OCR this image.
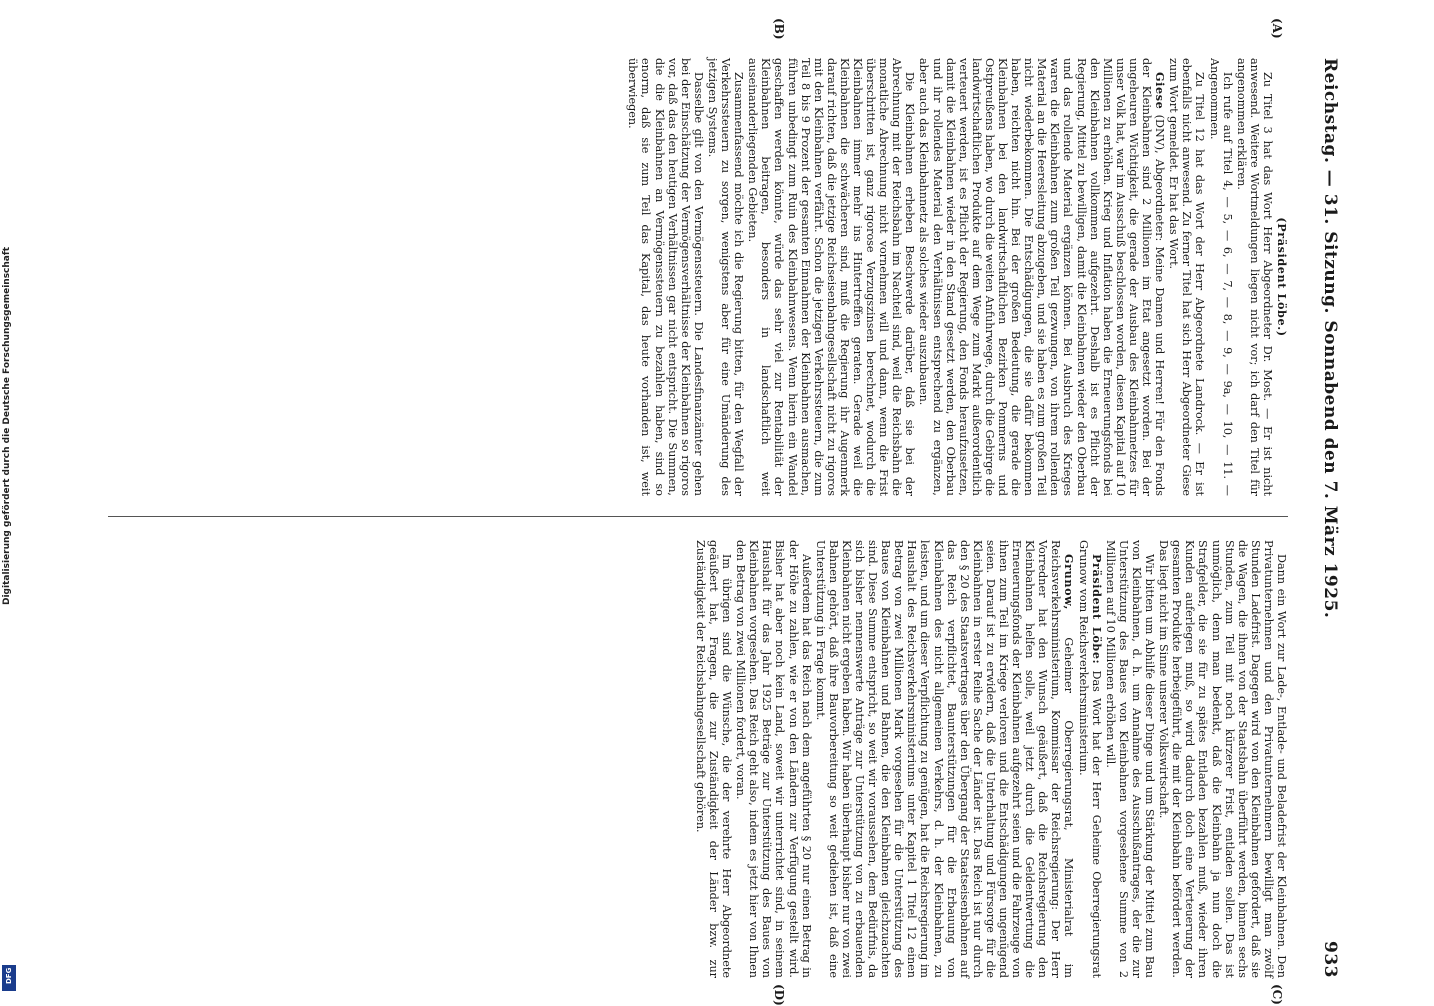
Reichstag. — 31. Sitzung. Sonnabend den 7. März 1925.
933
(A)
(B)
(C)
(D)

(Präsident Löbe.)

Zu Titel 3 hat das Wort Herr Abgeordneter Dr. Most. — Er ist nicht anwesend. Weitere Wortmeldungen liegen nicht vor; ich darf den Titel für angenommen erklären.

Ich rufe auf Titel 4, — 5, — 6, — 7, — 8, — 9, — 9a, — 10, — 11. — Angenommen.

Zu Titel 12 hat das Wort der Herr Abgeordnete Landrock. — Er ist ebenfalls nicht anwesend. Zu ferner Titel hat sich Herr Abgeordneter Giese zum Wort gemeldet. Er hat das Wort.

Giese (DNV), Abgeordneter: Meine Damen und Herren! Für den Fonds der Kleinbahnen sind 2 Millionen im Etat angesetzt worden. Bei der ungeheuren Wichtigkeit, die gerade der Ausbau des Kleinbahnnetzes für unser Volk hat, war im Ausschuß beschlossen worden, diesen Kapital auf 10 Millionen zu erhöhen. Krieg und Inflation haben die Erneuerungsfonds bei den Kleinbahnen vollkommen aufgezehrt. Deshalb ist es Pflicht der Regierung, Mittel zu bewilligen, damit die Kleinbahnen wieder den Oberbau und das rollende Material ergänzen können. Bei Ausbruch des Krieges waren die Kleinbahnen zum großen Teil gezwungen, von ihrem rollenden Material an die Heeresleitung abzugeben, und sie haben es zum großen Teil nicht wiederbekommen. Die Entschädigungen, die sie dafür bekommen haben, reichten nicht hin. Bei der großen Bedeutung, die gerade die Kleinbahnen bei den landwirtschaftlichen Bezirken Pommerns und Ostpreußens haben, wo durch die weiten Anfuhrwege, durch die Gebirge die landwirtschaftlichen Produkte auf dem Wege zum Markt außerordentlich verteuert werden, ist es Pflicht der Regierung, den Fonds heraufzusetzen, damit die Kleinbahnen wieder in den Stand gesetzt werden, den Oberbau und ihr rollendes Material den Verhältnissen entsprechend zu ergänzen, aber auch das Kleinbahnnetz als solches wieder auszubauen.

Die Kleinbahnen erheben Beschwerde darüber, daß sie bei der Abrechnung mit der Reichsbahn im Nachteil sind, weil die Reichsbahn die monatliche Abrechnung nicht vornehmen will und dann, wenn die Frist überschritten ist, ganz rigorose Verzugszinsen berechnet, wodurch die Kleinbahnen immer mehr ins Hintertreffen geraten. Gerade weil die Kleinbahnen die schwächeren sind, muß die Regierung ihr Augenmerk darauf richten, daß die jetzige Reichseisenbahngesellschaft nicht zu rigoros mit den Kleinbahnen verfährt. Schon die jetzigen Verkehrssteuern, die zum Teil 8 bis 9 Prozent der gesamten Einnahmen der Kleinbahnen ausmachen, führen unbedingt zum Ruin des Kleinbahnwesens. Wenn hierin ein Wandel geschaffen werden könnte, würde das sehr viel zur Rentabilität der Kleinbahnen beitragen, besonders in landschaftlich weit auseinanderliegenden Gebieten.

Zusammenfassend möchte ich die Regierung bitten, für den Wegfall der Verkehrssteuern zu sorgen, wenigstens aber für eine Umänderung des jetzigen Systems.

Dasselbe gilt von den Vermögenssteuern. Die Landesfinanzämter gehen bei der Einschätzung der Vermögensverhältnisse der Kleinbahnen so rigoros vor, daß das den heutigen Verhältnissen gar nicht entspricht. Die Summen, die die Kleinbahnen an Vermögenssteuern zu bezahlen haben, sind so enorm, daß sie zum Teil das Kapital, das heute vorhanden ist, weit überwiegen.

Dann ein Wort zur Lade-, Entlade- und Beladefrist der Kleinbahnen. Den Privatunternehmen und den Privatunternehmern bewilligt man zwölf Stunden Ladefrist. Dagegen wird von den Kleinbahnen gefordert, daß sie die Wagen, die ihnen von der Staatsbahn überführt werden, binnen sechs Stunden, zum Teil mit noch kürzerer Frist, entladen sollen. Das ist unmöglich, denn man bedenkt, daß die Kleinbahn ja nun doch die Strafgelder, die sie für zu spätes Entladen bezahlen muß, wieder ihren Kunden auferlegen muß, so wird dadurch doch eine Verteuerung der gesamten Produkte herbeigeführt, die mit der Kleinbahn befördert werden. Das liegt nicht im Sinne unserer Volkswirtschaft.

Wir bitten um Abhilfe dieser Dinge und um Stärkung der Mittel zum Bau von Kleinbahnen, d. h. um Annahme des Ausschußantrages, der die zur Unterstützung des Baues von Kleinbahnen vorgesehene Summe von 2 Millionen auf 10 Millionen erhöhen will.

Präsident Löbe: Das Wort hat der Herr Geheime Oberregierungsrat Grunow vom Reichsverkehrsministerium.

Grunow, Geheimer Oberregierungsrat, Ministerialrat im Reichsverkehrsministerium, Kommissar der Reichsregierung: Der Herr Vorredner hat den Wunsch geäußert, daß die Reichsregierung den Kleinbahnen helfen solle, weil jetzt durch die Geldentwertung die Erneuerungsfonds der Kleinbahnen aufgezehrt seien und die Fahrzeuge von ihnen zum Teil im Kriege verloren und die Entschädigungen ungenügend seien. Darauf ist zu erwidern, daß die Unterhaltung und Fürsorge für die Kleinbahnen in erster Reihe Sache der Länder ist. Das Reich ist nur durch den § 20 des Staatsvertrages über den Übergang der Staatseisenbahnen auf das Reich verpflichtet, Baunterstützungen für die Erbauung von Kleinbahnen des nicht allgemeinen Verkehrs, d. h. der Kleinbahnen, zu leisten, und um dieser Verpflichtung zu genügen, hat die Reichsregierung im Haushalt des Reichsverkehrsministeriums unter Kapitel 1 Titel 12 einen Betrag von zwei Millionen Mark vorgesehen für die Unterstützung des Baues von Kleinbahnen und Bahnen, die den Kleinbahnen gleichzuachten sind. Diese Summe entspricht, so weit wir voraussehen, dem Bedürfnis, da sich bisher nennenswerte Anträge zur Unterstützung von zu erbauenden Kleinbahnen nicht ergeben haben. Wir haben überhaupt bisher nur von zwei Bahnen gehört, daß ihre Bauvorbereitung so weit gediehen ist, daß eine Unterstützung in Frage kommt.

Außerdem hat das Reich nach dem angeführten § 20 nur einen Betrag in der Höhe zu zahlen, wie er von den Ländern zur Verfügung gestellt wird. Bisher hat aber noch kein Land, soweit wir unterrichtet sind, in seinem Haushalt für das Jahr 1925 Beträge zur Unterstützung des Baues von Kleinbahnen vorgesehen. Das Reich geht also, indem es jetzt hier von Ihnen den Betrag von zwei Millionen fordert, voran.

Im übrigen sind die Wünsche, die der verehrte Herr Abgeordnete geäußert hat, Fragen, die zur Zuständigkeit der Länder bzw. zur Zuständigkeit der Reichsbahngesellschaft gehören.

Digitalisierung gefördert durch die Deutsche Forschungsgemeinschaft
DFG
